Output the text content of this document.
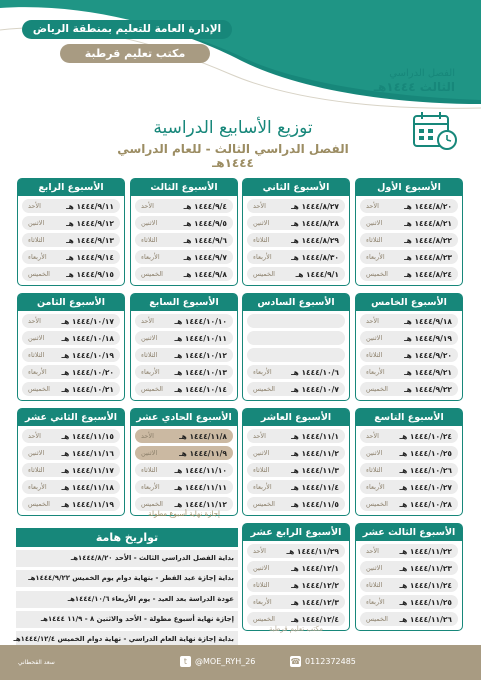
الإدارة العامة للتعليم بمنطقة الرياض
مكتب تعليم قرطبة
الفصل الدراسي
الثالث ١٤٤٤هـ
توزيع الأسابيع الدراسية
الفصل الدراسي الثالث - للعام الدراسي ١٤٤٤هـ
الأسبوع الأول
الأحد	١٤٤٤/٨/٢٠ هـ
الاثنين	١٤٤٤/٨/٢١ هـ
الثلاثاء	١٤٤٤/٨/٢٢ هـ
الأربعاء	١٤٤٤/٨/٢٣ هـ
الخميس ١٤٤٤/٨/٢٤ هـ
الأسبوع الثاني
الأحد	١٤٤٤/٨/٢٧ هـ
الاثنين	١٤٤٤/٨/٢٨ هـ
الثلاثاء	١٤٤٤/٨/٢٩ هـ
الأربعاء	١٤٤٤/٨/٣٠ هـ
الخميس	١٤٤٤/٩/١ هـ
الأسبوع الثالث
الأحد	١٤٤٤/٩/٤ هـ
الاثنين	١٤٤٤/٩/٥ هـ
الثلاثاء	١٤٤٤/٩/٦ هـ
الأربعاء	١٤٤٤/٩/٧ هـ
الخميس	١٤٤٤/٩/٨ هـ
الأسبوع الرابع
الأحد	١٤٤٤/٩/١١ هـ
الاثنين	١٤٤٤/٩/١٢ هـ
الثلاثاء	١٤٤٤/٩/١٣ هـ
الأربعاء	١٤٤٤/٩/١٤ هـ
الخميس ١٤٤٤/٩/١٥ هـ
الأسبوع الخامس
الأحد	١٤٤٤/٩/١٨ هـ
الاثنين	١٤٤٤/٩/١٩ هـ
الثلاثاء	١٤٤٤/٩/٢٠ هـ
الأربعاء	١٤٤٤/٩/٢١ هـ
الخميس ١٤٤٤/٩/٢٢ هـ
الأسبوع السادس
الأربعاء	١٤٤٤/١٠/٦ هـ
الخميس ١٤٤٤/١٠/٧ هـ
الأسبوع السابع
الأحد	١٤٤٤/١٠/١٠ هـ
الاثنين ١٤٤٤/١٠/١١ هـ
الثلاثاء ١٤٤٤/١٠/١٢ هـ
الأربعاء ١٤٤٤/١٠/١٣ هـ
الخميس ١٤٤٤/١٠/١٤ هـ
الأسبوع الثامن
الأحد	١٤٤٤/١٠/١٧ هـ
الاثنين ١٤٤٤/١٠/١٨ هـ
الثلاثاء ١٤٤٤/١٠/١٩ هـ
الأربعاء ١٤٤٤/١٠/٢٠ هـ
الخميس ١٤٤٤/١٠/٢١ هـ
الأسبوع التاسع
الأحد	١٤٤٤/١٠/٢٤ هـ
الاثنين ١٤٤٤/١٠/٢٥ هـ
الثلاثاء ١٤٤٤/١٠/٢٦ هـ
الأربعاء ١٤٤٤/١٠/٢٧ هـ
الخميس ١٤٤٤/١٠/٢٨ هـ
الأسبوع العاشر
الأحد	١٤٤٤/١١/١ هـ
الاثنين	١٤٤٤/١١/٢ هـ
الثلاثاء	١٤٤٤/١١/٣ هـ
الأربعاء	١٤٤٤/١١/٤ هـ
الخميس ١٤٤٤/١١/٥ هـ
الأسبوع الحادي عشر
الأحد	١٤٤٤/١١/٨ هـ
الاثنين	١٤٤٤/١١/٩ هـ
الثلاثاء ١٤٤٤/١١/١٠ هـ
الأربعاء ١٤٤٤/١١/١١ هـ
الخميس ١٤٤٤/١١/١٢ هـ
الأسبوع الثاني عشر
الأحد	١٤٤٤/١١/١٥ هـ
الاثنين ١٤٤٤/١١/١٦ هـ
الثلاثاء ١٤٤٤/١١/١٧ هـ
الأربعاء ١٤٤٤/١١/١٨ هـ
الخميس ١٤٤٤/١١/١٩ هـ
الأسبوع الثالث عشر
الأحد	١٤٤٤/١١/٢٢ هـ
الاثنين ١٤٤٤/١١/٢٣ هـ
الثلاثاء ١٤٤٤/١١/٢٤ هـ
الأربعاء ١٤٤٤/١١/٢٥ هـ
الخميس ١٤٤٤/١١/٢٦ هـ
الأسبوع الرابع عشر
الأحد	١٤٤٤/١١/٢٩ هـ
الاثنين	١٤٤٤/١٢/١ هـ
الثلاثاء	١٤٤٤/١٢/٢ هـ
الأربعاء	١٤٤٤/١٢/٣ هـ
الخميس ١٤٤٤/١٢/٤ هـ
إجازة نهاية أسبوع مطولة
مكتب تعليم قرطبة
تواريخ هامة
بداية الفصل الدراسي الثالث - الأحد ١٤٤٤/٨/٢٠هـ
بداية إجازة عيد الفطر - بنهاية دوام يوم الخميس ١٤٤٤/٩/٢٢هـ
عودة الدراسة بعد العيد - يوم الأربعاء ١٤٤٤/١٠/٦هـ
إجازة نهاية أسبوع مطولة - الأحد والاثنين ٨ - ١١/٩ ١٤٤٤هـ
بداية إجازة نهاية العام الدراسي - نهاية دوام الخميس ١٤٤٤/١٢/٤هـ
سعد القحطاني	t @MOE_RYH_26	☎ 0112372485
